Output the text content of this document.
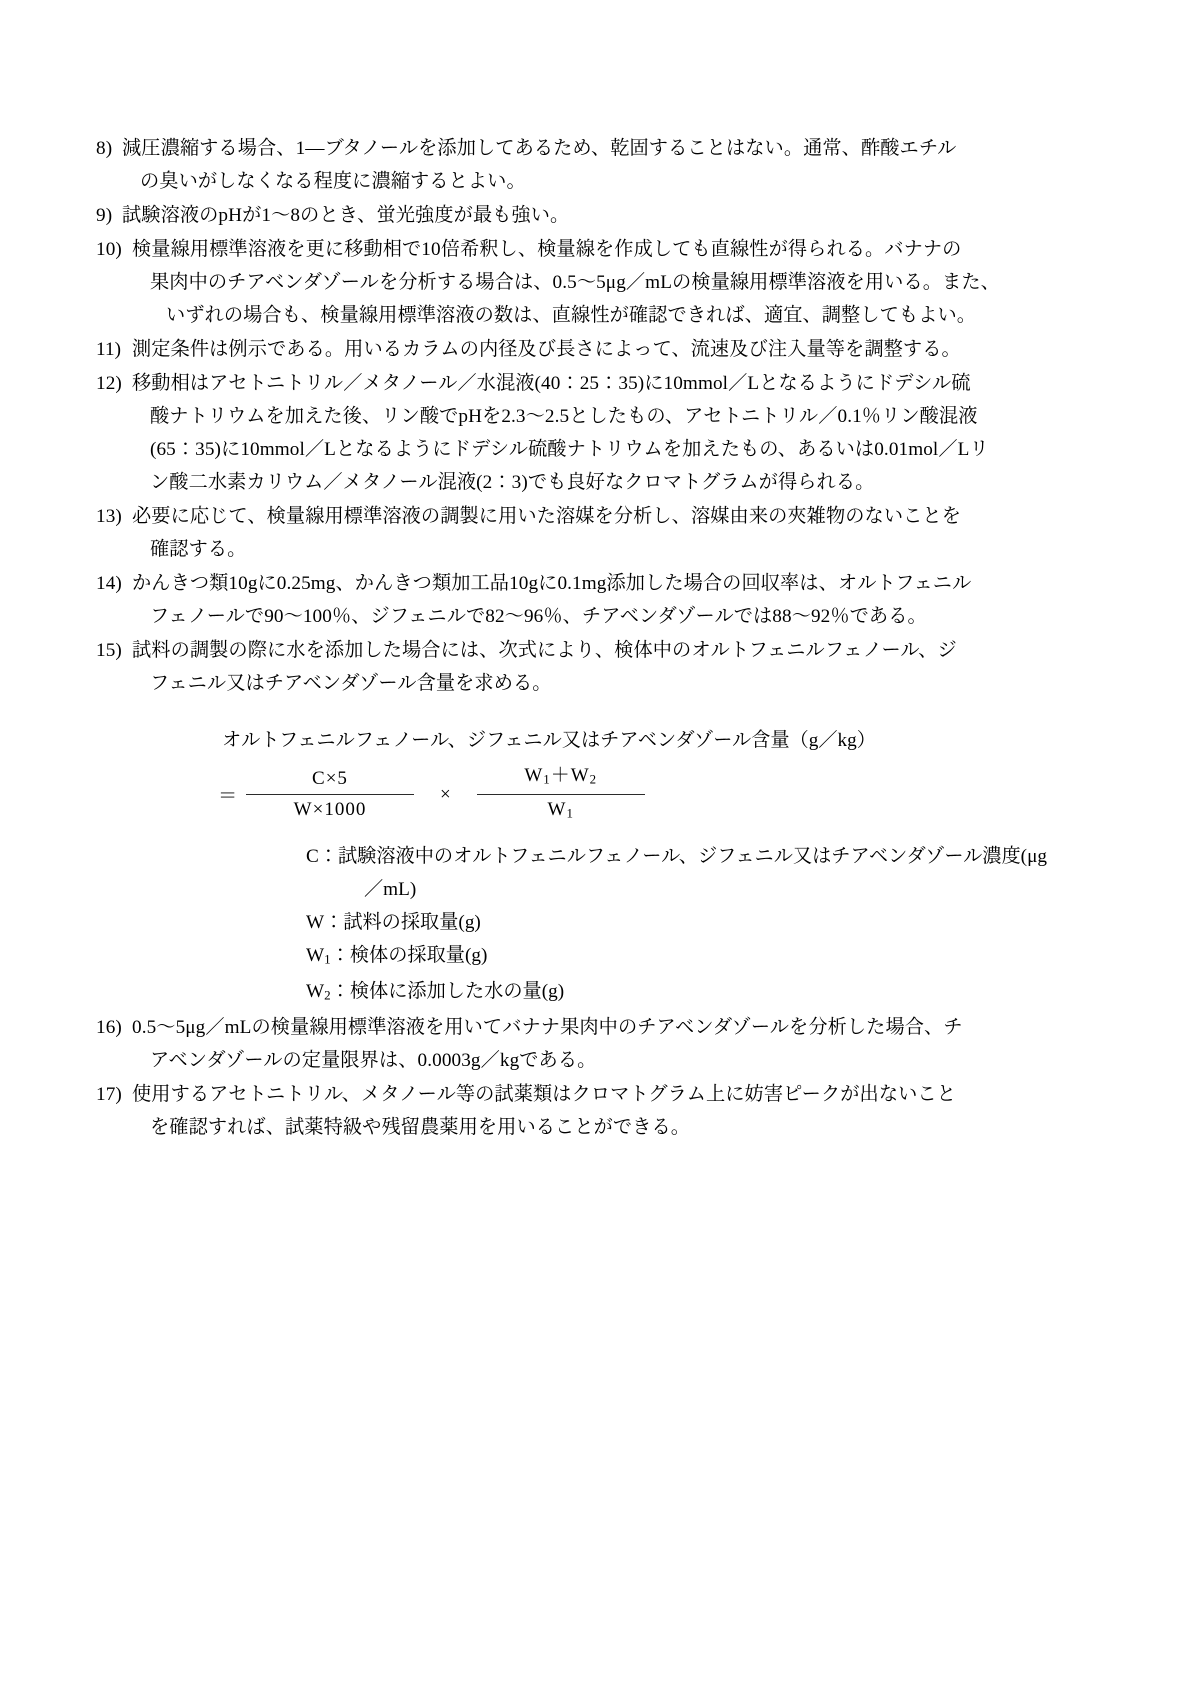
8) 減圧濃縮する場合、1—ブタノールを添加してあるため、乾固することはない。通常、酢酸エチル
の臭いがしなくなる程度に濃縮するとよい。
9) 試験溶液のpHが1〜8のとき、蛍光強度が最も強い。
10) 検量線用標準溶液を更に移動相で10倍希釈し、検量線を作成しても直線性が得られる。バナナの
果肉中のチアベンダゾールを分析する場合は、0.5〜5μg／mLの検量線用標準溶液を用いる。また、
いずれの場合も、検量線用標準溶液の数は、直線性が確認できれば、適宜、調整してもよい。
11) 測定条件は例示である。用いるカラムの内径及び長さによって、流速及び注入量等を調整する。
12) 移動相はアセトニトリル／メタノール／水混液(40：25：35)に10mmol／Lとなるようにドデシル硫
酸ナトリウムを加えた後、リン酸でpHを2.3〜2.5としたもの、アセトニトリル／0.1％リン酸混液
(65：35)に10mmol／Lとなるようにドデシル硫酸ナトリウムを加えたもの、あるいは0.01mol／Lリ
ン酸二水素カリウム／メタノール混液(2：3)でも良好なクロマトグラムが得られる。
13) 必要に応じて、検量線用標準溶液の調製に用いた溶媒を分析し、溶媒由来の夾雑物のないことを
確認する。
14) かんきつ類10gに0.25mg、かんきつ類加工品10gに0.1mg添加した場合の回収率は、オルトフェニル
フェノールで90〜100％、ジフェニルで82〜96％、チアベンダゾールでは88〜92％である。
15) 試料の調製の際に水を添加した場合には、次式により、検体中のオルトフェニルフェノール、ジ
フェニル又はチアベンダゾール含量を求める。
オルトフェニルフェノール、ジフェニル又はチアベンダゾール含量（g／kg）
＝ $\frac{C\times 5}{W\times 1000}$	×	$\frac{W_1+W_2}{W_1}$
C： 試験溶液中のオルトフェニルフェノール、ジフェニル又はチアベンダゾール濃度(μg
／mL)
W： 試料の採取量(g)
$W_1$： 検体の採取量(g)
$W_2$： 検体に添加した水の量(g)
16) 0.5〜5μg／mLの検量線用標準溶液を用いてバナナ果肉中のチアベンダゾールを分析した場合、チ
アベンダゾールの定量限界は、0.0003g／kgである。
17) 使用するアセトニトリル、メタノール等の試薬類はクロマトグラム上に妨害ピークが出ないこと
を確認すれば、試薬特級や残留農薬用を用いることができる。
